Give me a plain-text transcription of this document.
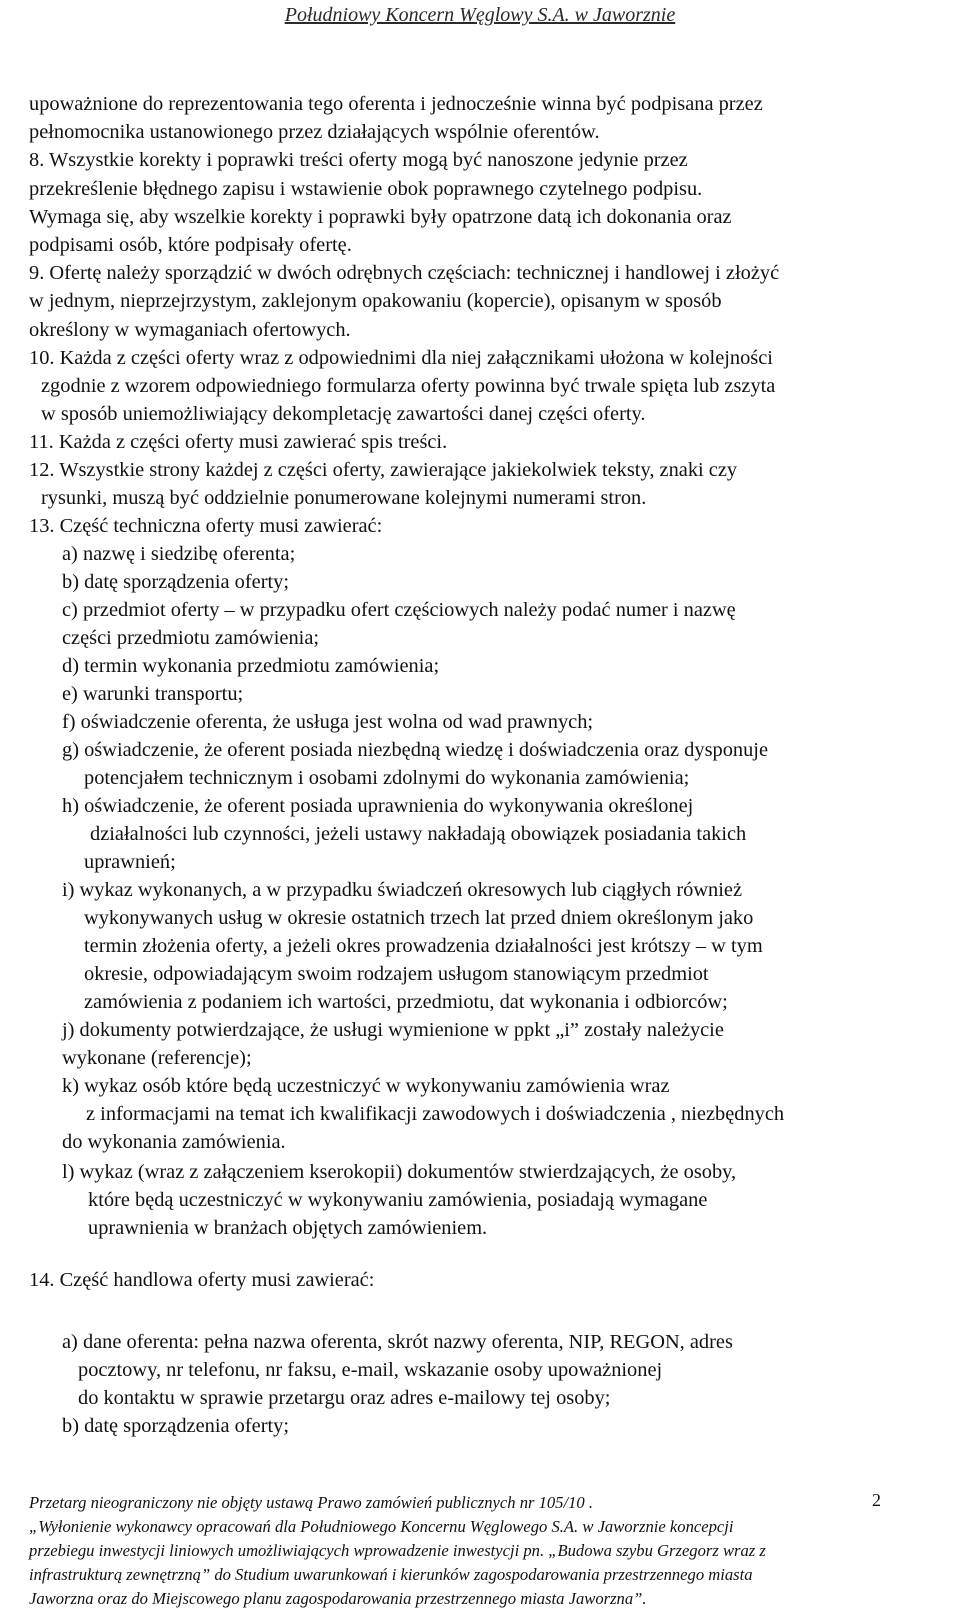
Południowy Koncern Węglowy S.A. w Jaworznie
upoważnione do reprezentowania tego oferenta i jednocześnie winna być podpisana przez
pełnomocnika ustanowionego przez działających wspólnie oferentów.
8. Wszystkie korekty i poprawki treści oferty mogą być nanoszone jedynie przez
przekreślenie błędnego zapisu i wstawienie obok poprawnego czytelnego podpisu.
Wymaga się, aby wszelkie korekty i poprawki były opatrzone datą ich dokonania oraz
podpisami osób, które podpisały ofertę.
9. Ofertę należy sporządzić w dwóch odrębnych częściach: technicznej i handlowej i złożyć
w jednym, nieprzejrzystym, zaklejonym opakowaniu (kopercie), opisanym w sposób
określony w wymaganiach ofertowych.
10. Każda z części oferty wraz z odpowiednimi dla niej załącznikami ułożona w kolejności
zgodnie z wzorem odpowiedniego formularza oferty powinna być trwale spięta lub zszyta
w sposób uniemożliwiający dekompletację zawartości danej części oferty.
11. Każda z części oferty musi zawierać spis treści.
12. Wszystkie strony każdej z części oferty, zawierające jakiekolwiek teksty, znaki czy
rysunki, muszą być oddzielnie ponumerowane kolejnymi numerami stron.
13. Część techniczna oferty musi zawierać:
a) nazwę i siedzibę oferenta;
b) datę sporządzenia oferty;
c) przedmiot oferty – w przypadku ofert częściowych należy podać numer i nazwę
części przedmiotu zamówienia;
d) termin wykonania przedmiotu zamówienia;
e) warunki transportu;
f) oświadczenie oferenta, że usługa jest wolna od wad prawnych;
g) oświadczenie, że oferent posiada niezbędną wiedzę i doświadczenia oraz dysponuje
potencjałem technicznym i osobami zdolnymi do wykonania zamówienia;
h) oświadczenie, że oferent posiada uprawnienia do wykonywania określonej
działalności lub czynności, jeżeli ustawy nakładają obowiązek posiadania takich
uprawnień;
i) wykaz wykonanych, a w przypadku świadczeń okresowych lub ciągłych również
wykonywanych usług w okresie ostatnich trzech lat przed dniem określonym jako
termin złożenia oferty, a jeżeli okres prowadzenia działalności jest krótszy – w tym
okresie, odpowiadającym swoim rodzajem usługom stanowiącym przedmiot
zamówienia z podaniem ich wartości, przedmiotu, dat wykonania i odbiorców;
j) dokumenty potwierdzające, że usługi wymienione w ppkt „i” zostały należycie
wykonane (referencje);
k) wykaz osób które będą uczestniczyć w wykonywaniu zamówienia wraz
z informacjami na temat ich kwalifikacji zawodowych i doświadczenia , niezbędnych
do wykonania zamówienia.
l) wykaz (wraz z załączeniem kserokopii) dokumentów stwierdzających, że osoby,
które będą uczestniczyć w wykonywaniu zamówienia, posiadają wymagane
uprawnienia w branżach objętych zamówieniem.
14. Część handlowa oferty musi zawierać:
a) dane oferenta: pełna nazwa oferenta, skrót nazwy oferenta, NIP, REGON, adres
pocztowy, nr telefonu, nr faksu, e-mail, wskazanie osoby upoważnionej
do kontaktu w sprawie przetargu oraz adres e-mailowy tej osoby;
b) datę sporządzenia oferty;
Przetarg nieograniczony nie objęty ustawą Prawo zamówień publicznych nr 105/10 .
„Wyłonienie wykonawcy opracowań dla Południowego Koncernu Węglowego S.A. w Jaworznie koncepcji
przebiegu inwestycji liniowych umożliwiających wprowadzenie inwestycji pn. „Budowa szybu Grzegorz wraz z
infrastrukturą zewnętrzną” do Studium uwarunkowań i kierunków zagospodarowania przestrzennego miasta
Jaworzna oraz do Miejscowego planu zagospodarowania przestrzennego miasta Jaworzna”.
2
